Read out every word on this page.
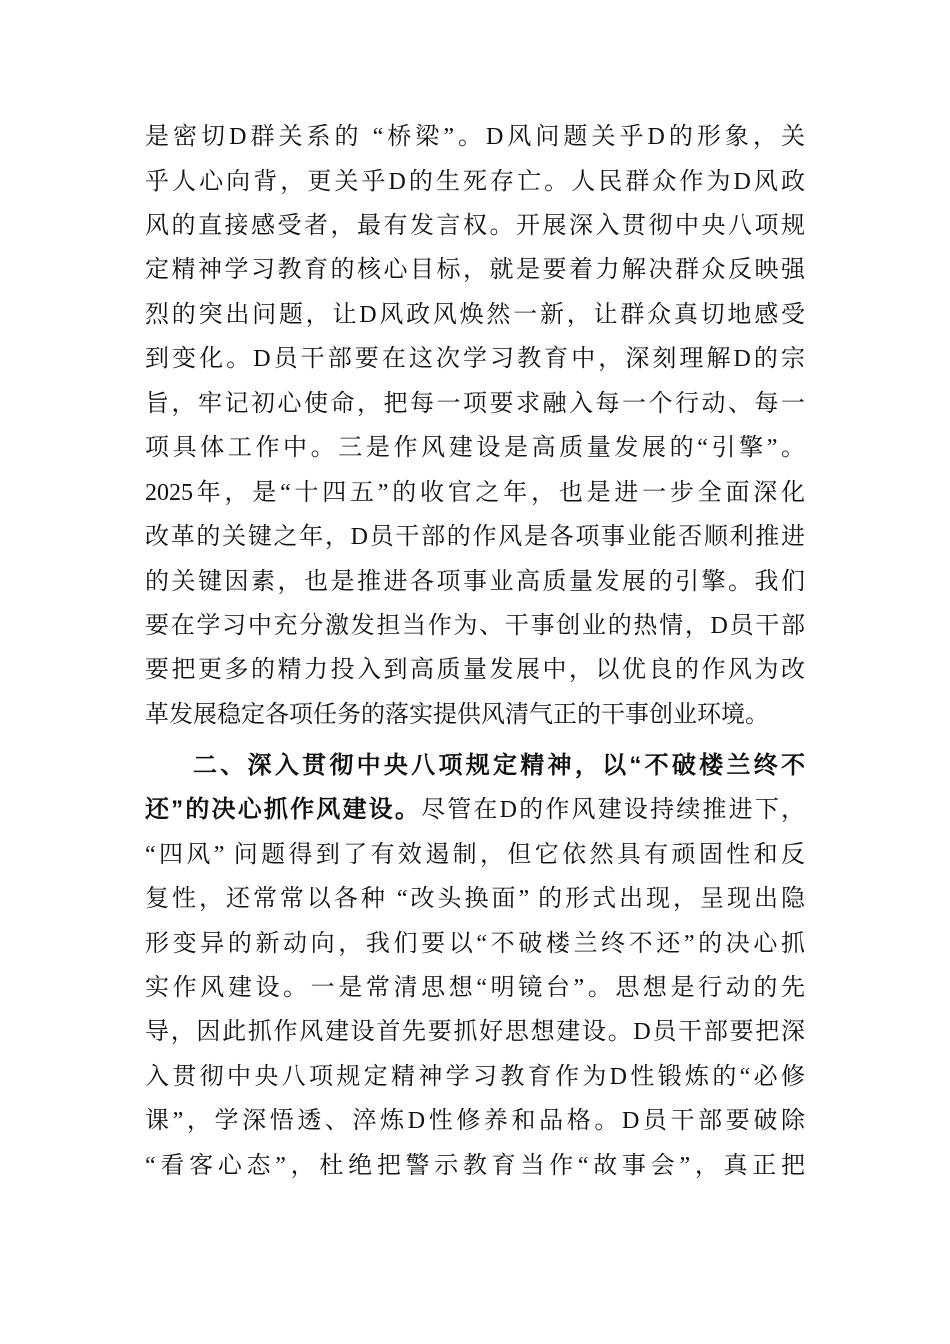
是密切D群关系的 “桥梁”。D风问题关乎D的形象，关
乎人心向背，更关乎D的生死存亡。人民群众作为D风政
风的直接感受者，最有发言权。开展深入贯彻中央八项规
定精神学习教育的核心目标，就是要着力解决群众反映强
烈的突出问题，让D风政风焕然一新，让群众真切地感受
到变化。D员干部要在这次学习教育中，深刻理解D的宗
旨，牢记初心使命，把每一项要求融入每一个行动、每一
项具体工作中。三是作风建设是高质量发展的“引擎”。
2025年，是“十四五”的收官之年，也是进一步全面深化
改革的关键之年，D员干部的作风是各项事业能否顺利推进
的关键因素，也是推进各项事业高质量发展的引擎。我们
要在学习中充分激发担当作为、干事创业的热情，D员干部
要把更多的精力投入到高质量发展中，以优良的作风为改
革发展稳定各项任务的落实提供风清气正的干事创业环境。
二、深入贯彻中央八项规定精神，以“不破楼兰终不
还”的决心抓作风建设。尽管在D的作风建设持续推进下，
“四风” 问题得到了有效遏制，但它依然具有顽固性和反
复性，还常常以各种 “改头换面” 的形式出现，呈现出隐
形变异的新动向，我们要以“不破楼兰终不还”的决心抓
实作风建设。一是常清思想“明镜台”。思想是行动的先
导，因此抓作风建设首先要抓好思想建设。D员干部要把深
入贯彻中央八项规定精神学习教育作为D性锻炼的“必修
课”，学深悟透、淬炼D性修养和品格。D员干部要破除
“看客心态”，杜绝把警示教育当作“故事会”，真正把
